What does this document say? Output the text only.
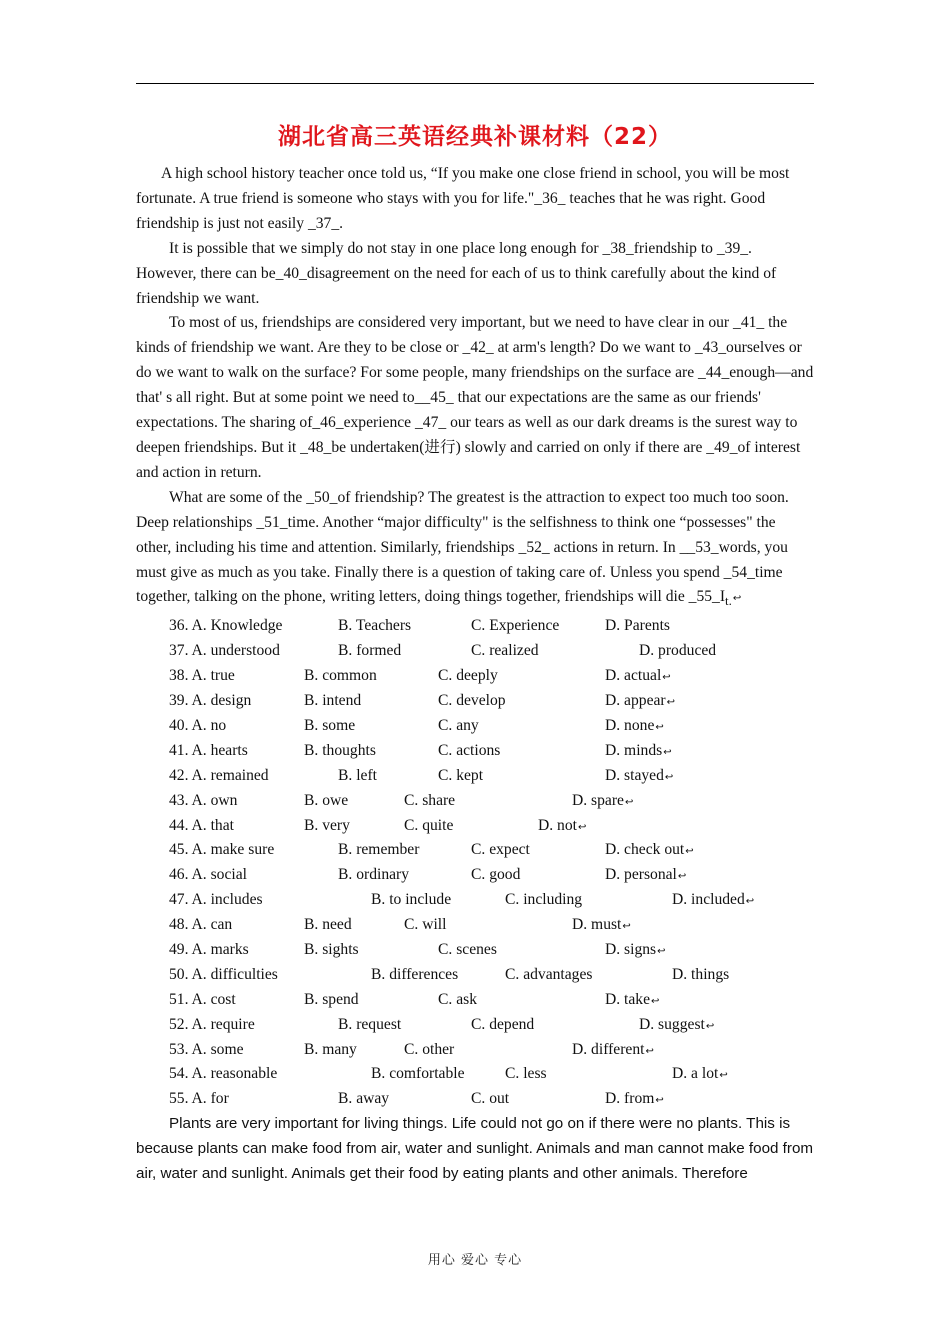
湖北省高三英语经典补课材料（22）

A high school history teacher once told us, “If you make one close friend in school, you will be most fortunate. A true friend is someone who stays with you for life."_36_ teaches that he was right. Good friendship is just not easily _37_.

It is possible that we simply do not stay in one place long enough for _38_friendship to _39_. However, there can be_40_disagreement on the need for each of us to think carefully about the kind of friendship we want.

To most of us, friendships are considered very important, but we need to have clear in our _41_ the kinds of friendship we want. Are they to be close or _42_ at arm's length? Do we want to _43_ourselves or do we want to walk on the surface? For some people, many friendships on the surface are _44_enough—and that' s all right. But at some point we need to__45_ that our expectations are the same as our friends' expectations. The sharing of_46_experience _47_ our tears as well as our dark dreams is the surest way to deepen friendships. But it _48_be undertaken(进行) slowly and carried on only if there are _49_of interest and action in return.

What are some of the _50_of friendship? The greatest is the attraction to expect too much too soon. Deep relationships _51_time. Another “major difficulty" is the selfishness to think one “possesses" the other, including his time and attention. Similarly, friendships _52_ actions in return. In __53_words, you must give as much as you take. Finally there is a question of taking care of. Unless you spend _54_time together, talking on the phone, writing letters, doing things together, friendships will die $\_55\_I_{t.}↩$

36. A. Knowledge	B. Teachers	C. Experience	D. Parents
37. A. understood	B. formed	C. realized	D. produced
38. A. true	B. common	C. deeply	D. actual↩
39. A. design	B. intend	C. develop	D. appear↩
40. A. no	B. some	C. any	D. none↩
41. A. hearts	B. thoughts	C. actions	D. minds↩
42. A. remained	B. left	C. kept	D. stayed↩
43. A. own	B. owe	C. share	D. spare↩
44. A. that	B. very	C. quite	D. not↩
45. A. make sure	B. remember	C. expect	D. check out↩
46. A. social	B. ordinary	C. good	D. personal↩
47. A. includes	B. to include	C. including	D. included↩
48. A. can	B. need	C. will	D. must↩
49. A. marks	B. sights	C. scenes	D. signs↩
50. A. difficulties	B. differences	C. advantages	D. things
51. A. cost	B. spend	C. ask	D. take↩
52. A. require	B. request	C. depend	D. suggest↩
53. A. some	B. many	C. other	D. different↩
54. A. reasonable	B. comfortable	C. less	D. a lot↩
55. A. for	B. away	C. out	D. from↩

Plants are very important for living things. Life could not go on if there were no plants. This is because plants can make food from air, water and sunlight. Animals and man cannot make food from air, water and sunlight. Animals get their food by eating plants and other animals. Therefore

用心 爱心 专心
